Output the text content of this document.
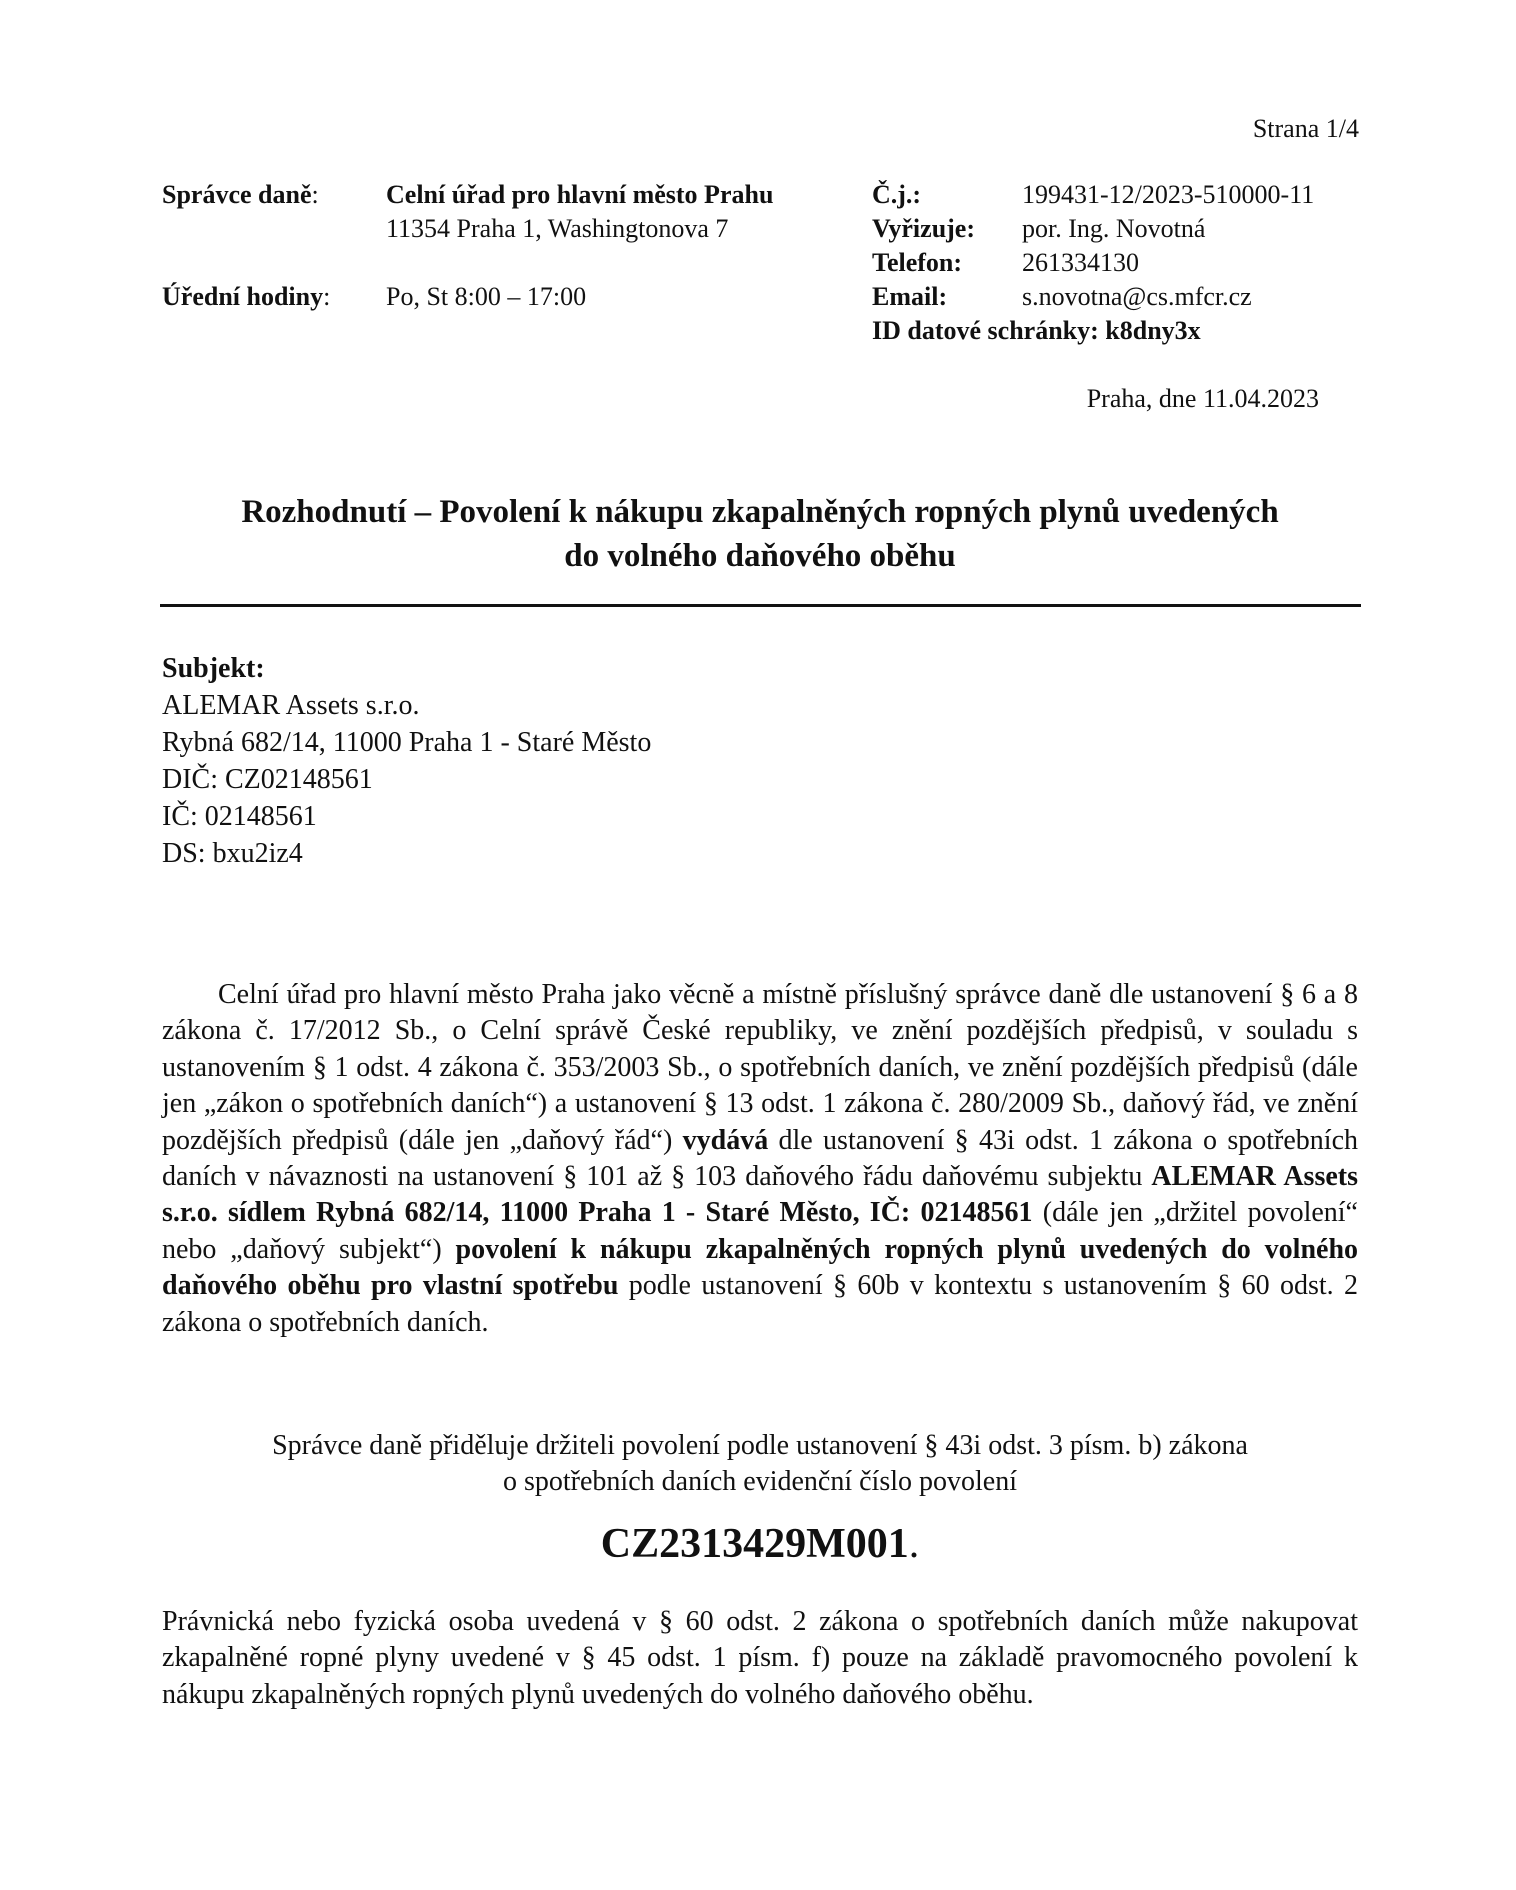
Strana 1/4
Správce daně:	Celní úřad pro hlavní město Prahu
11354 Praha 1, Washingtonova 7
Úřední hodiny: Po, St 8:00 – 17:00
Č.j.:	199431-12/2023-510000-11
Vyřizuje: por. Ing. Novotná
Telefon: 261334130
Email:	s.novotna@cs.mfcr.cz
ID datové schránky: k8dny3x
Praha, dne 11.04.2023
Rozhodnutí – Povolení k nákupu zkapalněných ropných plynů uvedených
do volného daňového oběhu
Subjekt:
ALEMAR Assets s.r.o.
Rybná 682/14, 11000 Praha 1 - Staré Město
DIČ: CZ02148561
IČ: 02148561
DS: bxu2iz4
Celní úřad pro hlavní město Praha jako věcně a místně příslušný správce daně dle ustanovení § 6 a 8 zákona č. 17/2012 Sb., o Celní správě České republiky, ve znění pozdějších předpisů, v souladu s ustanovením § 1 odst. 4 zákona č. 353/2003 Sb., o spotřebních daních, ve znění pozdějších předpisů (dále jen „zákon o spotřebních daních“) a ustanovení § 13 odst. 1 zákona č. 280/2009 Sb., daňový řád, ve znění pozdějších předpisů (dále jen „daňový řád“) vydává dle ustanovení § 43i odst. 1 zákona o spotřebních daních v návaznosti na ustanovení § 101 až § 103 daňového řádu daňovému subjektu ALEMAR Assets s.r.o. sídlem Rybná 682/14, 11000 Praha 1 - Staré Město, IČ: 02148561 (dále jen „držitel povolení“ nebo „daňový subjekt“) povolení k nákupu zkapalněných ropných plynů uvedených do volného daňového oběhu pro vlastní spotřebu podle ustanovení § 60b v kontextu s ustanovením § 60 odst. 2 zákona o spotřebních daních.
Správce daně přiděluje držiteli povolení podle ustanovení § 43i odst. 3 písm. b) zákona
o spotřebních daních evidenční číslo povolení
CZ2313429M001.
Právnická nebo fyzická osoba uvedená v § 60 odst. 2 zákona o spotřebních daních může nakupovat zkapalněné ropné plyny uvedené v § 45 odst. 1 písm. f) pouze na základě pravomocného povolení k nákupu zkapalněných ropných plynů uvedených do volného daňového oběhu.
